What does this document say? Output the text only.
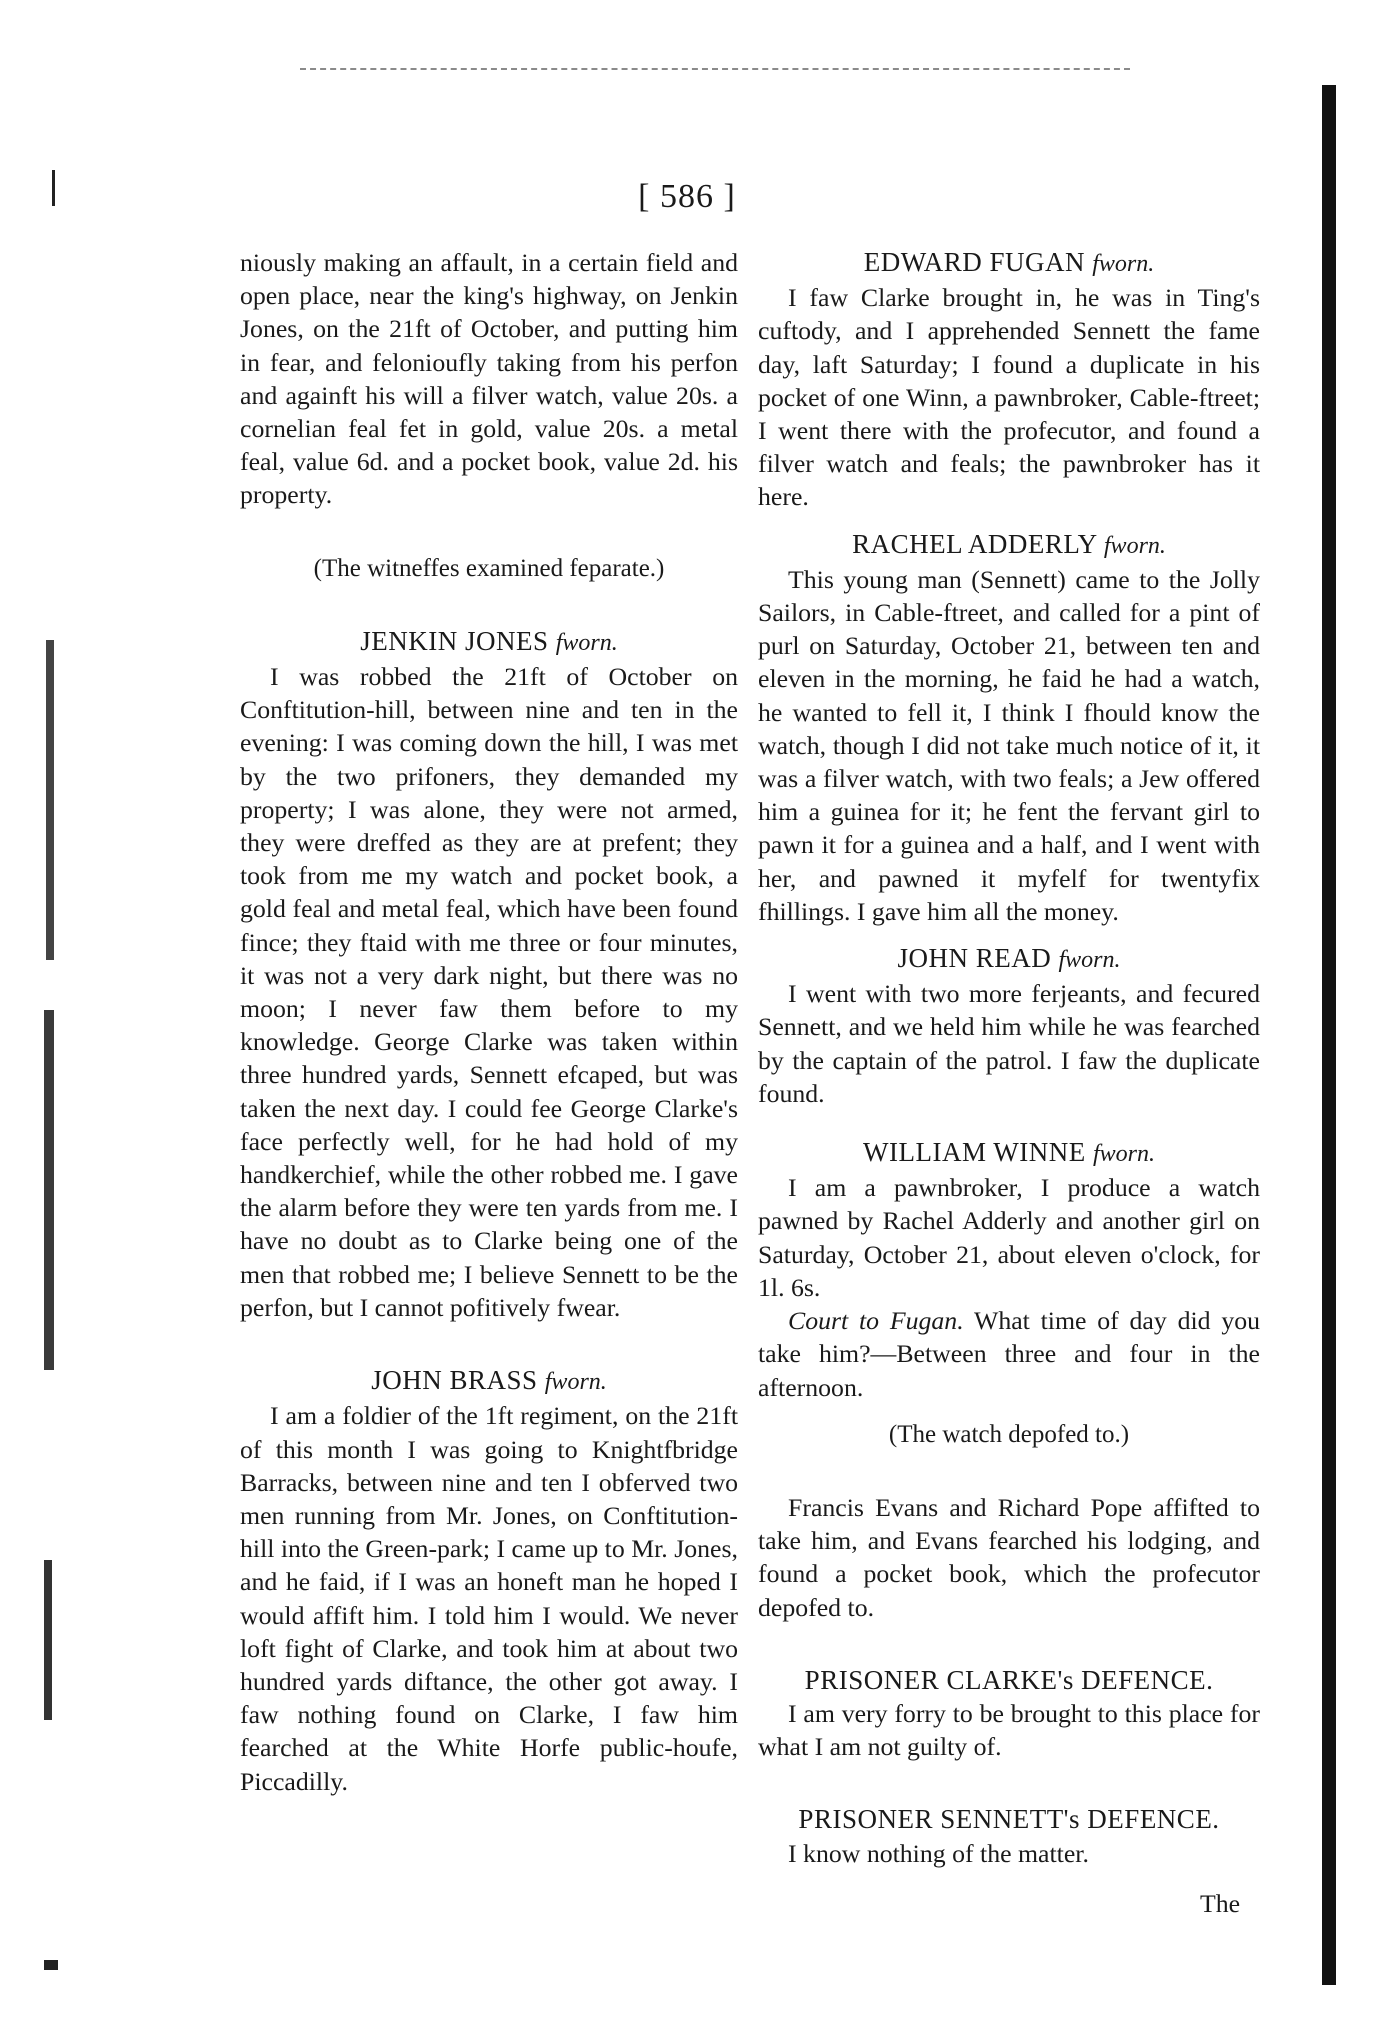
[ 586 ]

niously making an affault, in a certain field and open place, near the king's highway, on Jenkin Jones, on the 21ft of October, and putting him in fear, and felonioufly taking from his perfon and againft his will a filver watch, value 20s. a cornelian feal fet in gold, value 20s. a metal feal, value 6d. and a pocket book, value 2d. his property.

(The witneffes examined feparate.)

JENKIN JONES fworn.

I was robbed the 21ft of October on Conftitution-hill, between nine and ten in the evening: I was coming down the hill, I was met by the two prifoners, they demanded my property; I was alone, they were not armed, they were dreffed as they are at prefent; they took from me my watch and pocket book, a gold feal and metal feal, which have been found fince; they ftaid with me three or four minutes, it was not a very dark night, but there was no moon; I never faw them before to my knowledge. George Clarke was taken within three hundred yards, Sennett efcaped, but was taken the next day. I could fee George Clarke's face perfectly well, for he had hold of my handkerchief, while the other robbed me. I gave the alarm before they were ten yards from me. I have no doubt as to Clarke being one of the men that robbed me; I believe Sennett to be the perfon, but I cannot pofitively fwear.

JOHN BRASS fworn.

I am a foldier of the 1ft regiment, on the 21ft of this month I was going to Knightfbridge Barracks, between nine and ten I obferved two men running from Mr. Jones, on Conftitution-hill into the Green-park; I came up to Mr. Jones, and he faid, if I was an honeft man he hoped I would affift him. I told him I would. We never loft fight of Clarke, and took him at about two hundred yards diftance, the other got away. I faw nothing found on Clarke, I faw him fearched at the White Horfe public-houfe, Piccadilly.

EDWARD FUGAN fworn.

I faw Clarke brought in, he was in Ting's cuftody, and I apprehended Sennett the fame day, laft Saturday; I found a duplicate in his pocket of one Winn, a pawnbroker, Cable-ftreet; I went there with the profecutor, and found a filver watch and feals; the pawnbroker has it here.

RACHEL ADDERLY fworn.

This young man (Sennett) came to the Jolly Sailors, in Cable-ftreet, and called for a pint of purl on Saturday, October 21, between ten and eleven in the morning, he faid he had a watch, he wanted to fell it, I think I fhould know the watch, though I did not take much notice of it, it was a filver watch, with two feals; a Jew offered him a guinea for it; he fent the fervant girl to pawn it for a guinea and a half, and I went with her, and pawned it myfelf for twentyfix fhillings. I gave him all the money.

JOHN READ fworn.

I went with two more ferjeants, and fecured Sennett, and we held him while he was fearched by the captain of the patrol. I faw the duplicate found.

WILLIAM WINNE fworn.

I am a pawnbroker, I produce a watch pawned by Rachel Adderly and another girl on Saturday, October 21, about eleven o'clock, for 1l. 6s.

Court to Fugan. What time of day did you take him?—Between three and four in the afternoon.

(The watch depofed to.)

Francis Evans and Richard Pope affifted to take him, and Evans fearched his lodging, and found a pocket book, which the profecutor depofed to.

PRISONER CLARKE's DEFENCE.

I am very forry to be brought to this place for what I am not guilty of.

PRISONER SENNETT's DEFENCE.

I know nothing of the matter.

The
